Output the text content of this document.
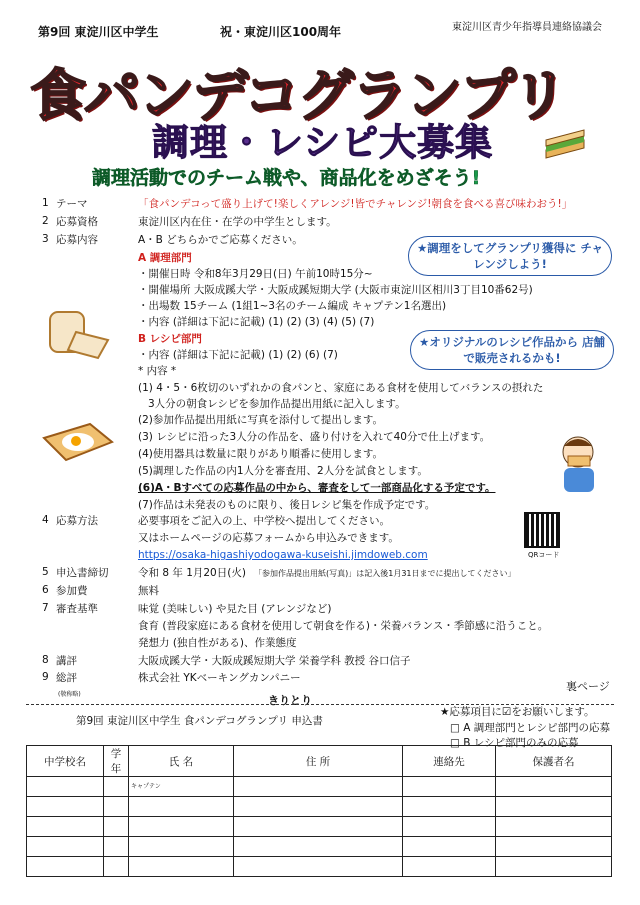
第9回 東淀川区中学生	祝・東淀川区100周年	東淀川区青少年指導員連絡協議会
食パンデコグランプリ
調理・レシピ大募集
調理活動でのチーム戦や、商品化をめざそう!
1 テーマ	「食パンデコって盛り上げて!楽しくアレンジ!皆でチャレンジ!朝食を食べる喜び味わおう!」
2 応募資格	東淀川区内在住・在学の中学生とします。
3 応募内容	A・B どちらかでご応募ください。
A 調理部門
・開催日時 令和8年3月29日(日) 午前10時15分~
・開催場所 大阪成蹊大学・大阪成蹊短期大学 (大阪市東淀川区相川3丁目10番62号)
・出場数 15チーム (1組1~3名のチーム編成 キャプテン1名選出)
・内容 (詳細は下記に記載) (1) (2) (3) (4) (5) (7)
B レシピ部門
・内容 (詳細は下記に記載) (1) (2) (6) (7)
★調理をしてグランプリ獲得に チャレンジしよう!
★オリジナルのレシピ作品から 店舗で販売されるかも!
* 内容 *
(1) 4・5・6枚切のいずれかの食パンと、家庭にある食材を使用してバランスの摂れた
3人分の朝食レシピを参加作品提出用紙に記入します。
(2)参加作品提出用紙に写真を添付して提出します。
(3) レシピに沿った3人分の作品を、盛り付けを入れて40分で仕上げます。
(4)使用器具は数量に限りがあり順番に使用します。
(5)調理した作品の内1人分を審査用、2人分を試食とします。
(6)A・Bすべての応募作品の中から、審査をして一部商品化する予定です。
(7)作品は未発表のものに限り、後日レシピ集を作成予定です。
4 応募方法	必要事項をご記入の上、中学校へ提出してください。
又はホームページの応募フォームから申込みできます。
https://osaka-higashiyodogawa-kuseishi.jimdoweb.com	QRコード
5 申込書締切	令和 8 年 1月20日(火) 「参加作品提出用紙(写真)」は記入後1月31日までに提出してください」
6 参加費	無料
7 審査基準	味覚 (美味しい) や見た目 (アレンジなど)
食育 (普段家庭にある食材を使用して朝食を作る)・栄養バランス・季節感に沿うこと。
発想力 (独自性がある)、作業態度
8 講評	大阪成蹊大学・大阪成蹊短期大学 栄養学科 教授 谷口信子
9 総評	株式会社 YKベーキングカンパニー
(敬称略)
裏ページ
きりとり
第9回 東淀川区中学生 食パンデコグランプリ 申込書
★応募項目に☑をお願いします。
□ A 調理部門とレシピ部門の応募
□ B レシピ部門のみの応募
中学校名	学年	氏 名	住 所	連絡先	保護者名
		$^{キャプテン}$			
